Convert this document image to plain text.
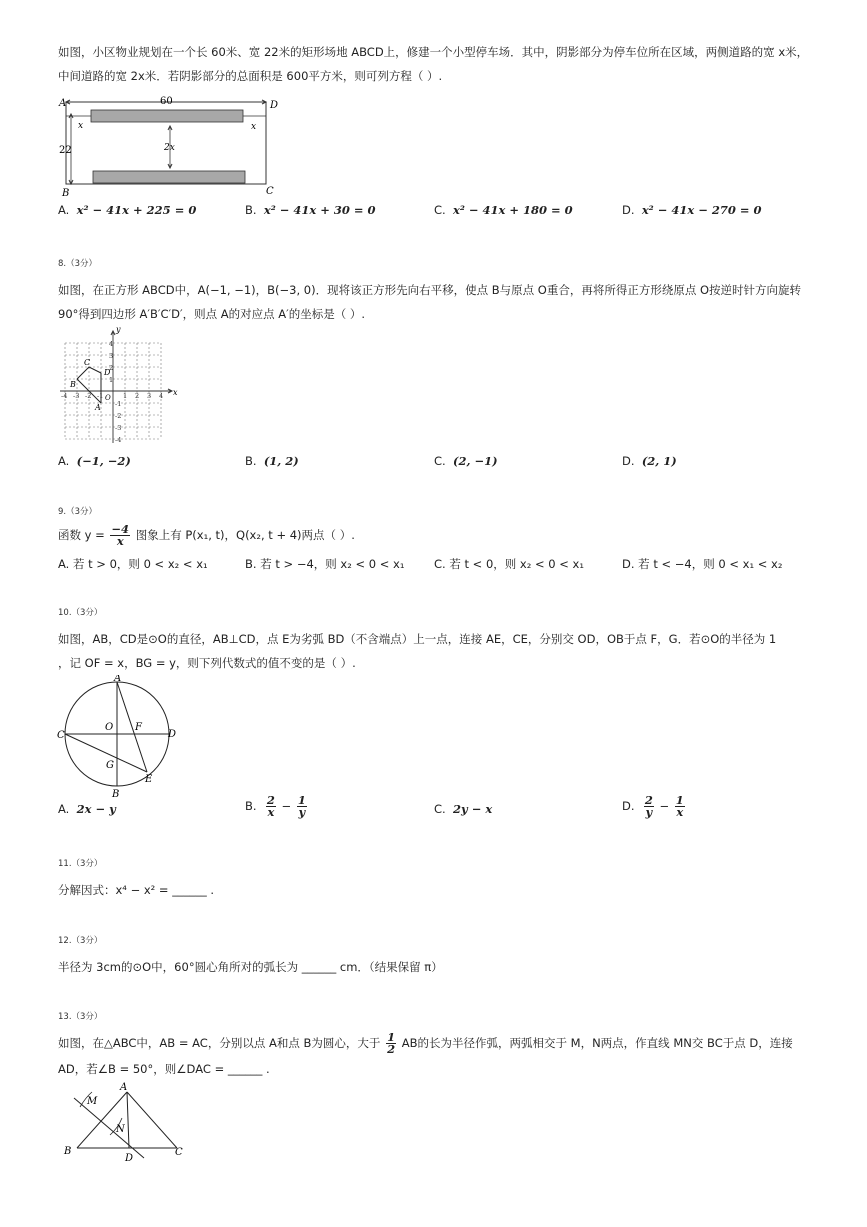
如图，小区物业规划在一个长 60米、宽 22米的矩形场地 ABCD上，修建一个小型停车场．其中，阴影部分为停车位所在区域，两侧道路的宽 x米，
中间道路的宽 2x米．若阴影部分的总面积是 600平方米，则可列方程（ ）.
A	D
B	C
60
22
x	x
2x
A. x² − 41x + 225 = 0	B. x² − 41x + 30 = 0	C. x² − 41x + 180 = 0	D. x² − 41x − 270 = 0
8.（3分）
如图，在正方形 ABCD中，A(−1, −1)，B(−3, 0)．现将该正方形先向右平移，使点 B与原点 O重合，再将所得正方形绕原点 O按逆时针方向旋转
90°得到四边形 A′B′C′D′，则点 A的对应点 A′的坐标是（ ）.
y
x
C
D
B
A
O
4
3
2
1
-1
-2
-3
-4
-4 -3 -2 -1	1 2 3 4
A. (−1, −2)	B. (1, 2)	C. (2, −1)	D. (2, 1)
9.（3分）
函数 $y = \frac{-4}{x}$ 图象上有 P(x₁, t)，Q(x₂, t + 4)两点（ ）.
A. 若 t > 0，则 0 < x₂ < x₁	B. 若 t > −4，则 x₂ < 0 < x₁	C. 若 t < 0，则 x₂ < 0 < x₁	D. 若 t < −4，则 0 < x₁ < x₂
10.（3分）
如图，AB，CD是⊙O的直径，AB⊥CD，点 E为劣弧 BD（不含端点）上一点，连接 AE，CE，分别交 OD，OB于点 F，G．若⊙O的半径为 1
，记 OF = x，BG = y，则下列代数式的值不变的是（ ）.
A
B
C	D
O F
G
E
A. 2x − y	B. $\frac{2}{x} - \frac{1}{y}$	C. 2y − x	D. $\frac{2}{y} - \frac{1}{x}$
11.（3分）
分解因式：x⁴ − x² = ______ .
12.（3分）
半径为 3cm的⊙O中，60°圆心角所对的弧长为 ______ cm．（结果保留 π）
13.（3分）
如图，在△ABC中，AB = AC，分别以点 A和点 B为圆心，大于 $\frac{1}{2}$ AB的长为半径作弧，两弧相交于 M，N两点，作直线 MN交 BC于点 D，连接
AD，若∠B = 50°，则∠DAC = ______ .
A
B	C
D
M
N
